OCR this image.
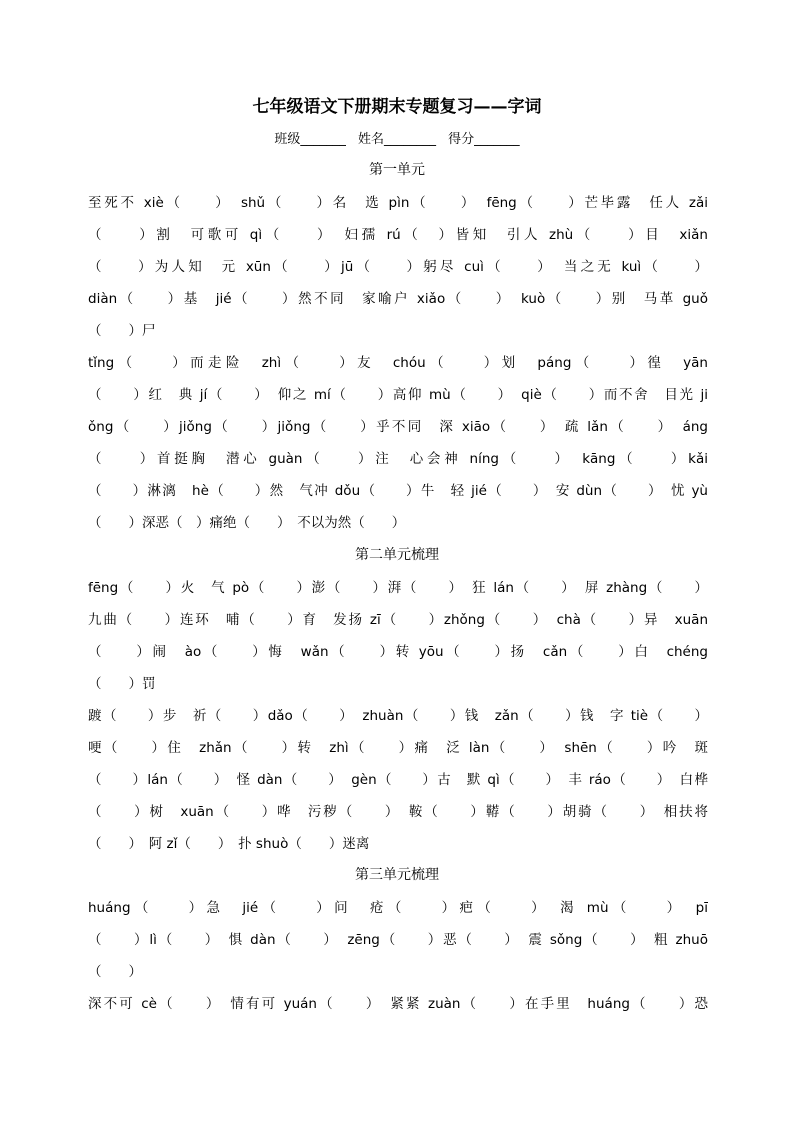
七年级语文下册期末专题复习——字词
班级_______ 姓名________ 得分_______
第一单元
至死不 xiè（　　）　shǔ（　　）名　选 pìn（　　）　fēng（　　）芒毕露　任人 zǎi
（　　）割　可歌可 qì（　　）　妇孺 rú（　）皆知　引人 zhù（　　）目　xiǎn
（　　）为人知　元 xūn（　　）jū（　　）躬尽 cuì（　　）　当之无 kuì（　　）
diàn（　　）基　jié（　　）然不同　家喻户 xiǎo（　　）　kuò（　　）别　马革 guǒ
（　　）尸
tǐng（　　）而走险　zhì（　　）友　chóu（　　）划　páng（　　）徨　yān
（　　）红　典 jí（　　）　仰之 mí（　　）高仰 mù（　　）　qiè（　　）而不舍　目光 ji
ǒng（　　）jiǒng（　　）jiǒng（　　）乎不同　深 xiāo（　　）　疏 lǎn（　　）　áng
（　　）首挺胸　潜心 guàn（　　）注　心会神 níng（　　）　kāng（　　）kǎi
（　　）淋漓　hè（　　）然　气冲 dǒu（　　）牛　轻 jié（　　）　安 dùn（　　）　忧 yù
（　　）深恶（　）痛绝（　　）　不以为然（　　）
第二单元梳理
fēng（　　）火　气 pò（　　）澎（　　）湃（　　）　狂 lán（　　）　屏 zhàng（　　）
九曲（　　）连环　哺（　　）育　发扬 zī（　　）zhǒng（　　）　chà（　　）异　xuān
（　　）闹　ào（　　）悔　wǎn（　　）转 yōu（　　）扬　cǎn（　　）白　chéng
（　　）罚
踱（　　）步　祈（　　）dǎo（　　）　zhuàn（　　）钱　zǎn（　　）钱　字 tiè（　　）
哽（　　）住　zhǎn（　　）转　zhì（　　）痛　泛 làn（　　）　shēn（　　）吟　斑
（　　）lán（　　）　怪 dàn（　　）　gèn（　　）古　默 qì（　　）　丰 ráo（　　）　白桦
（　　）树　xuān（　　）哗　污秽（　　）　鞍（　　）鞯（　　）胡骑（　　）　相扶将
（　　）　阿 zǐ（　　）　扑 shuò（　　）迷离
第三单元梳理
huáng（　　）急　jié（　　）问　疮（　　）疤（　　）　渴 mù（　　）　pī
（　　）lì（　　）　惧 dàn（　　）　zēng（　　）恶（　　）　震 sǒng（　　）　粗 zhuō
（　　）
深不可 cè（　　）　情有可 yuán（　　）　紧紧 zuàn（　　）在手里　huáng（　　）恐
